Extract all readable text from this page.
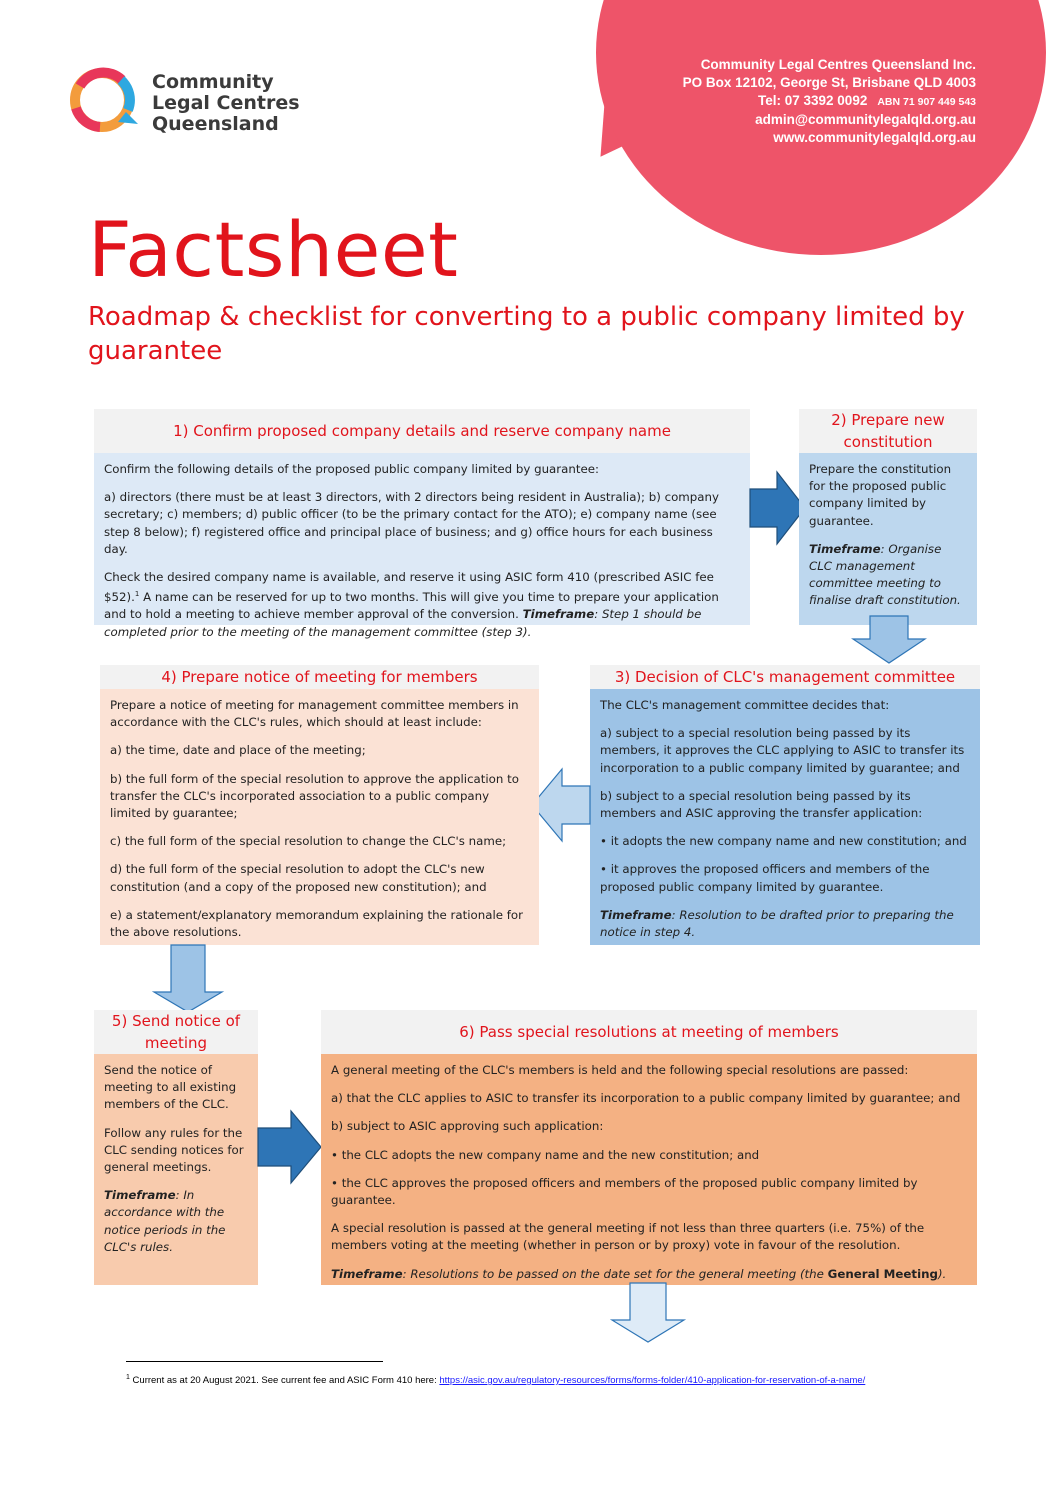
Community Legal Centres Queensland Inc.
PO Box 12102, George St, Brisbane QLD 4003
Tel: 07 3392 0092 ABN 71 907 449 543
admin@communitylegalqld.org.au
www.communitylegalqld.org.au
Community
Legal Centres
Queensland
Factsheet
Roadmap & checklist for converting to a public company limited by guarantee
1) Confirm proposed company details and reserve company name

Confirm the following details of the proposed public company limited by guarantee:

a) directors (there must be at least 3 directors, with 2 directors being resident in Australia); b) company secretary; c) members; d) public officer (to be the primary contact for the ATO); e) company name (see step 8 below); f) registered office and principal place of business; and g) office hours for each business day.

Check the desired company name is available, and reserve it using ASIC form 410 (prescribed ASIC fee $52).$^1$ A name can be reserved for up to two months. This will give you time to prepare your application and to hold a meeting to achieve member approval of the conversion. Timeframe: Step 1 should be completed prior to the meeting of the management committee (step 3).

2) Prepare new constitution

Prepare the constitution for the proposed public company limited by guarantee.

Timeframe: Organise CLC management committee meeting to finalise draft constitution.

3) Decision of CLC's management committee

The CLC's management committee decides that:

a) subject to a special resolution being passed by its members, it approves the CLC applying to ASIC to transfer its incorporation to a public company limited by guarantee; and

b) subject to a special resolution being passed by its members and ASIC approving the transfer application:

• it adopts the new company name and new constitution; and

• it approves the proposed officers and members of the proposed public company limited by guarantee.

Timeframe: Resolution to be drafted prior to preparing the notice in step 4.

4) Prepare notice of meeting for members

Prepare a notice of meeting for management committee members in accordance with the CLC's rules, which should at least include:

a) the time, date and place of the meeting;

b) the full form of the special resolution to approve the application to transfer the CLC's incorporated association to a public company limited by guarantee;

c) the full form of the special resolution to change the CLC's name;

d) the full form of the special resolution to adopt the CLC's new constitution (and a copy of the proposed new constitution); and

e) a statement/explanatory memorandum explaining the rationale for the above resolutions.

5) Send notice of meeting

Send the notice of meeting to all existing members of the CLC.

Follow any rules for the CLC sending notices for general meetings.

Timeframe: In accordance with the notice periods in the CLC's rules.

6) Pass special resolutions at meeting of members

A general meeting of the CLC's members is held and the following special resolutions are passed:

a) that the CLC applies to ASIC to transfer its incorporation to a public company limited by guarantee; and

b) subject to ASIC approving such application:

• the CLC adopts the new company name and the new constitution; and

• the CLC approves the proposed officers and members of the proposed public company limited by guarantee.

A special resolution is passed at the general meeting if not less than three quarters (i.e. 75%) of the members voting at the meeting (whether in person or by proxy) vote in favour of the resolution.

Timeframe: Resolutions to be passed on the date set for the general meeting (the General Meeting).

$^1$ Current as at 20 August 2021. See current fee and ASIC Form 410 here: https://asic.gov.au/regulatory-resources/forms/forms-folder/410-application-for-reservation-of-a-name/
